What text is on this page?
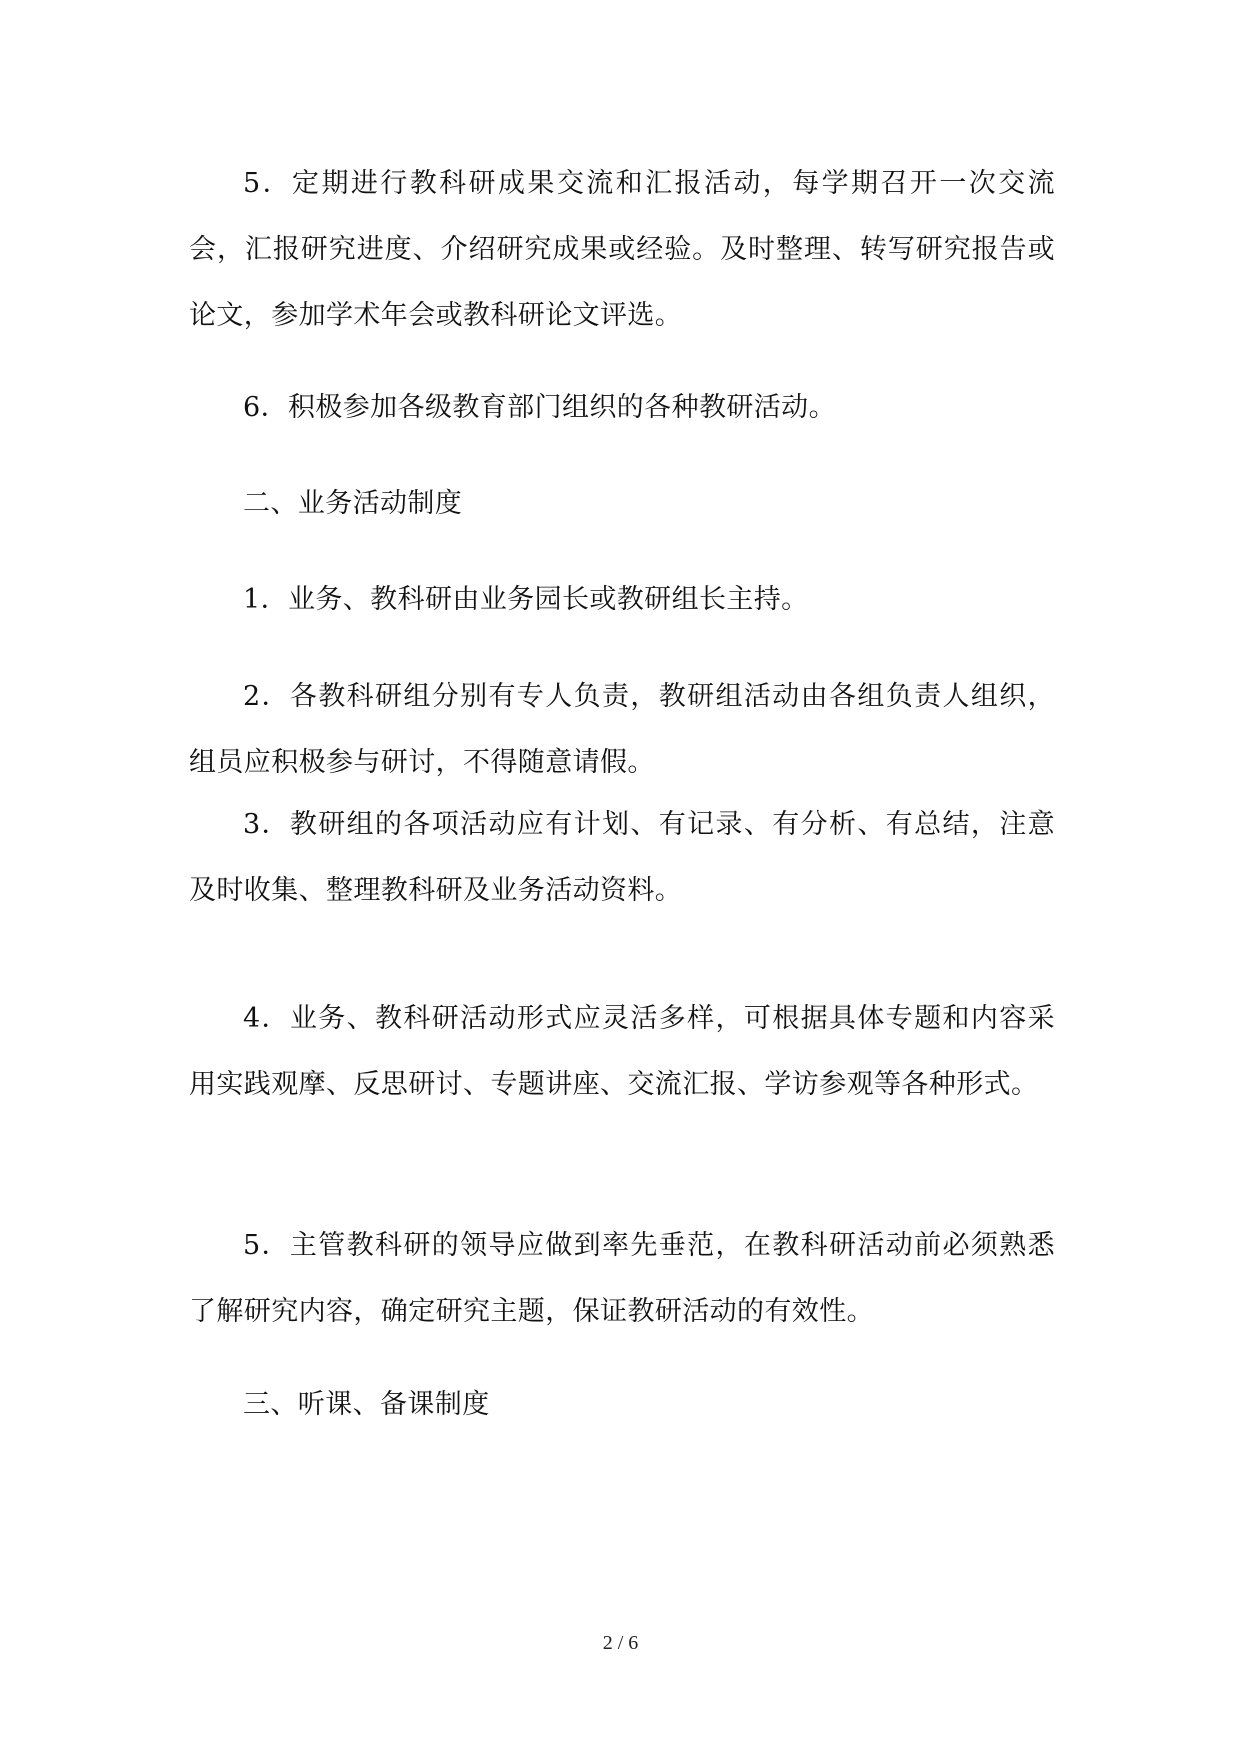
5．定期进行教科研成果交流和汇报活动，每学期召开一次交流会，汇报研究进度、介绍研究成果或经验。及时整理、转写研究报告或论文，参加学术年会或教科研论文评选。

6．积极参加各级教育部门组织的各种教研活动。

二、业务活动制度

1．业务、教科研由业务园长或教研组长主持。

2．各教科研组分别有专人负责，教研组活动由各组负责人组织，组员应积极参与研讨，不得随意请假。

3．教研组的各项活动应有计划、有记录、有分析、有总结，注意及时收集、整理教科研及业务活动资料。

4．业务、教科研活动形式应灵活多样，可根据具体专题和内容采用实践观摩、反思研讨、专题讲座、交流汇报、学访参观等各种形式。

5．主管教科研的领导应做到率先垂范，在教科研活动前必须熟悉了解研究内容，确定研究主题，保证教研活动的有效性。

三、听课、备课制度

2 / 6
